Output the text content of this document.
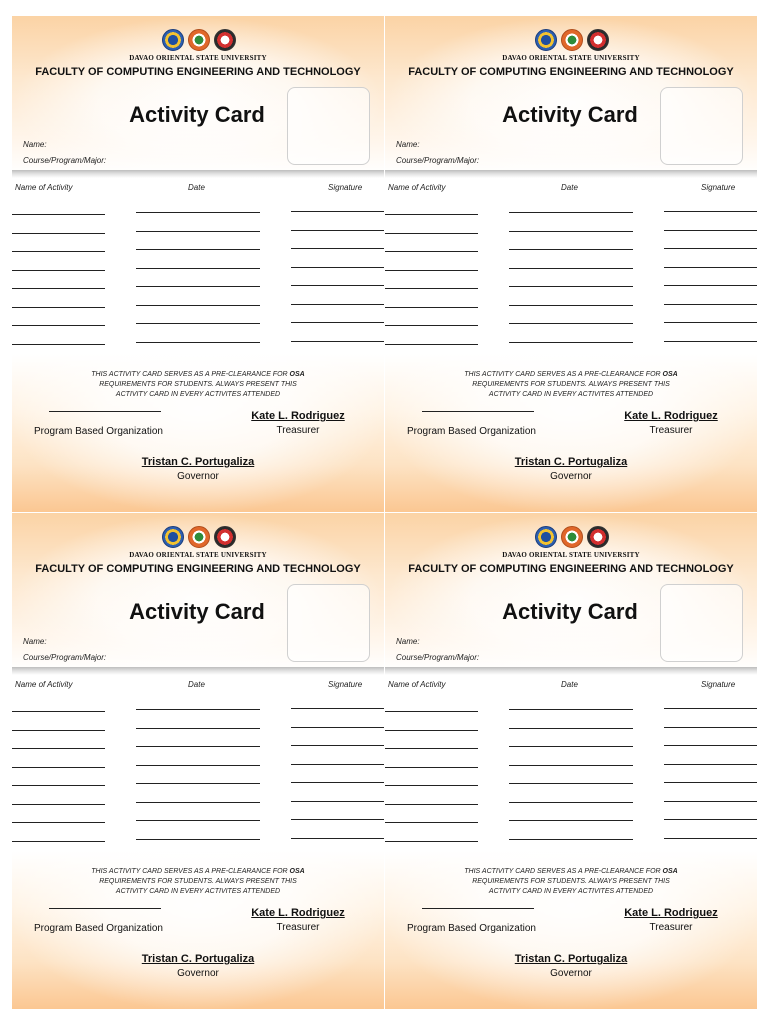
DAVAO ORIENTAL STATE UNIVERSITY
FACULTY OF COMPUTING ENGINEERING AND TECHNOLOGY
Activity Card
Name:
Course/Program/Major:
Name of Activity	Date	Signature
THIS ACTIVITY CARD SERVES AS A PRE-CLEARANCE FOR OSA
REQUIREMENTS FOR STUDENTS. ALWAYS PRESENT THIS
ACTIVITY CARD IN EVERY ACTIVITES ATTENDED
Program Based Organization
Kate L. Rodriguez
Treasurer
Tristan C. Portugaliza
Governor
DAVAO ORIENTAL STATE UNIVERSITY
FACULTY OF COMPUTING ENGINEERING AND TECHNOLOGY
Activity Card
Name:
Course/Program/Major:
Name of Activity	Date	Signature
THIS ACTIVITY CARD SERVES AS A PRE-CLEARANCE FOR OSA
REQUIREMENTS FOR STUDENTS. ALWAYS PRESENT THIS
ACTIVITY CARD IN EVERY ACTIVITES ATTENDED
Program Based Organization
Kate L. Rodriguez
Treasurer
Tristan C. Portugaliza
Governor
DAVAO ORIENTAL STATE UNIVERSITY
FACULTY OF COMPUTING ENGINEERING AND TECHNOLOGY
Activity Card
Name:
Course/Program/Major:
Name of Activity	Date	Signature
THIS ACTIVITY CARD SERVES AS A PRE-CLEARANCE FOR OSA
REQUIREMENTS FOR STUDENTS. ALWAYS PRESENT THIS
ACTIVITY CARD IN EVERY ACTIVITES ATTENDED
Program Based Organization
Kate L. Rodriguez
Treasurer
Tristan C. Portugaliza
Governor
DAVAO ORIENTAL STATE UNIVERSITY
FACULTY OF COMPUTING ENGINEERING AND TECHNOLOGY
Activity Card
Name:
Course/Program/Major:
Name of Activity	Date	Signature
THIS ACTIVITY CARD SERVES AS A PRE-CLEARANCE FOR OSA
REQUIREMENTS FOR STUDENTS. ALWAYS PRESENT THIS
ACTIVITY CARD IN EVERY ACTIVITES ATTENDED
Program Based Organization
Kate L. Rodriguez
Treasurer
Tristan C. Portugaliza
Governor
